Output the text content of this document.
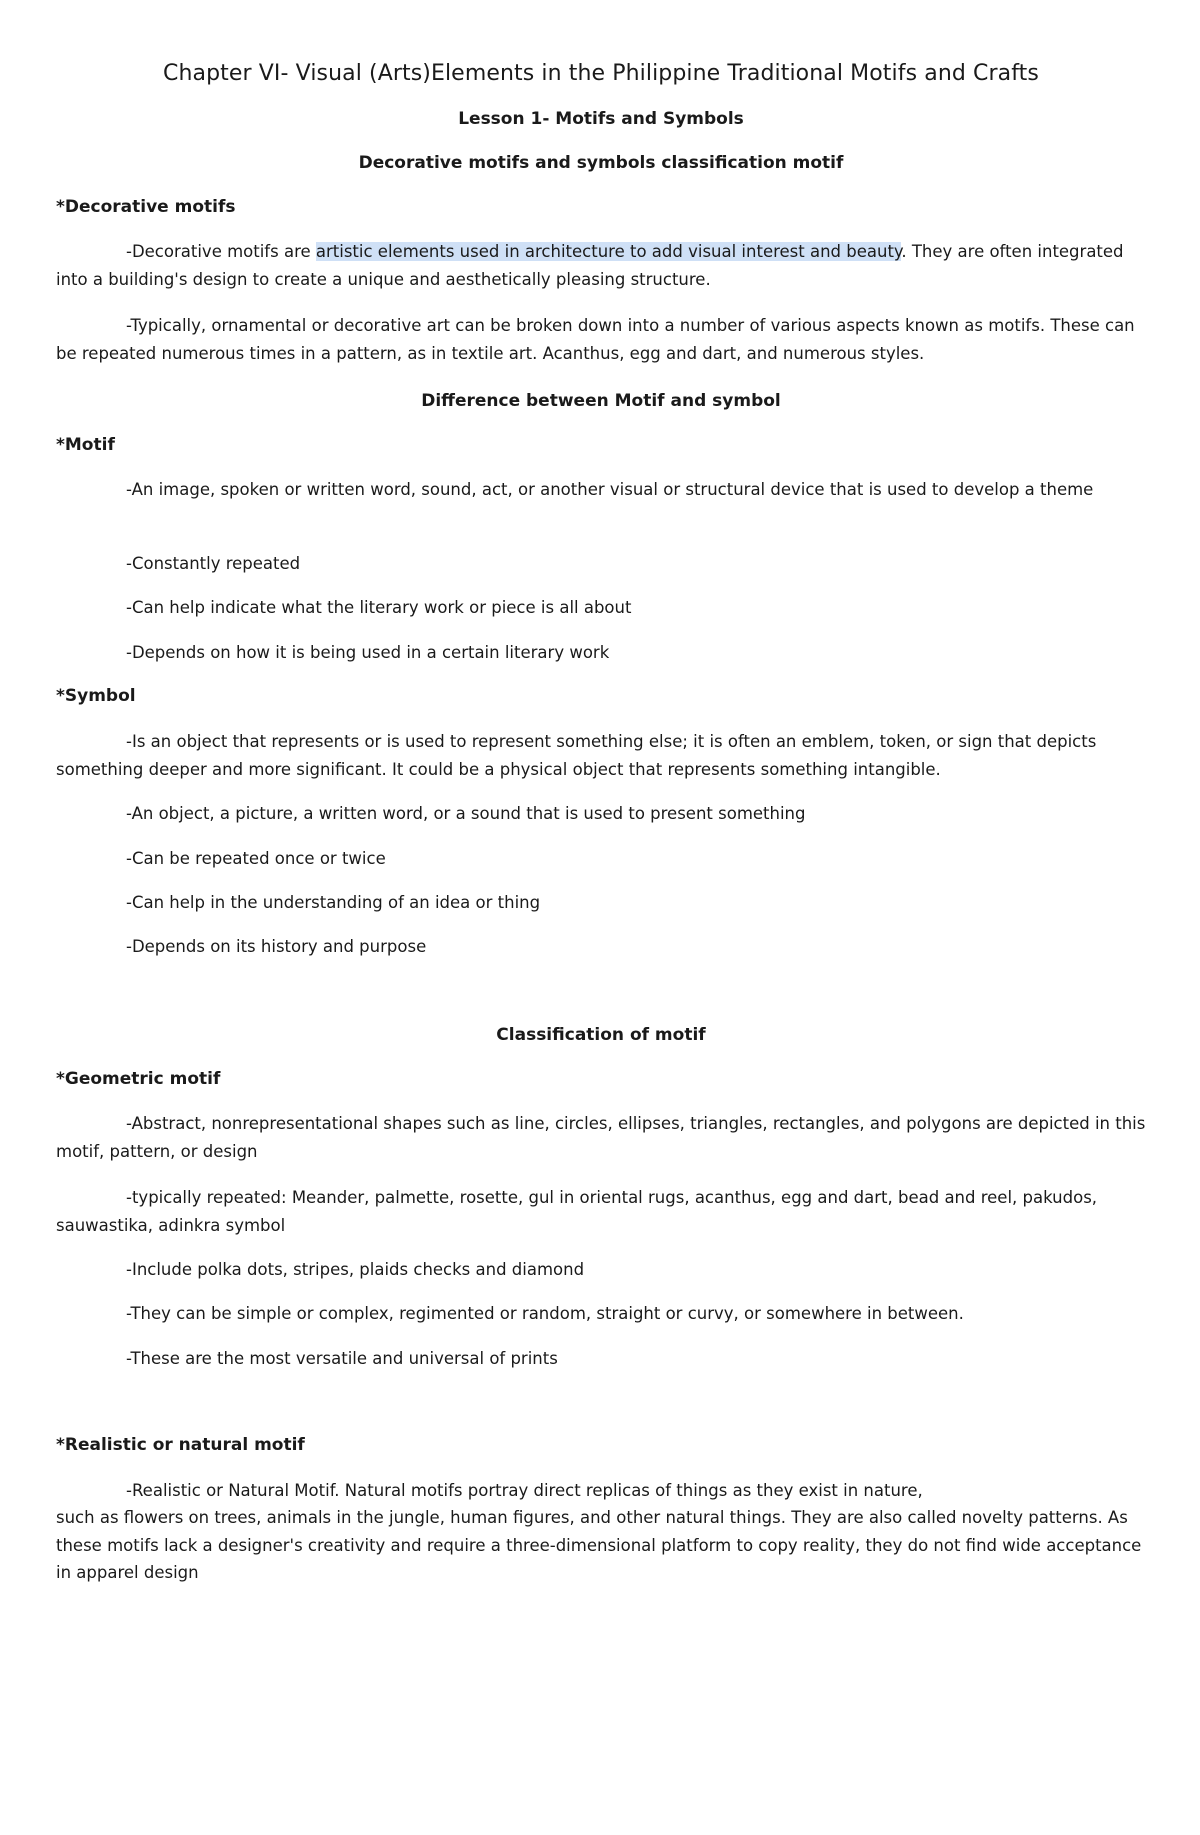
Chapter VI- Visual (Arts)Elements in the Philippine Traditional Motifs and Crafts
Lesson 1- Motifs and Symbols
Decorative motifs and symbols classification motif
*Decorative motifs
-Decorative motifs are artistic elements used in architecture to add visual interest and beauty. They are often integrated into a building's design to create a unique and aesthetically pleasing structure.
-Typically, ornamental or decorative art can be broken down into a number of various aspects known as motifs. These can be repeated numerous times in a pattern, as in textile art. Acanthus, egg and dart, and numerous styles.
Difference between Motif and symbol
*Motif
-An image, spoken or written word, sound, act, or another visual or structural device that is used to develop a theme
-Constantly repeated
-Can help indicate what the literary work or piece is all about
-Depends on how it is being used in a certain literary work
*Symbol
-Is an object that represents or is used to represent something else; it is often an emblem, token, or sign that depicts something deeper and more significant. It could be a physical object that represents something intangible.
-An object, a picture, a written word, or a sound that is used to present something
-Can be repeated once or twice
-Can help in the understanding of an idea or thing
-Depends on its history and purpose
Classification of motif
*Geometric motif
-Abstract, nonrepresentational shapes such as line, circles, ellipses, triangles, rectangles, and polygons are depicted in this motif, pattern, or design
-typically repeated: Meander, palmette, rosette, gul in oriental rugs, acanthus, egg and dart, bead and reel, pakudos, sauwastika, adinkra symbol
-Include polka dots, stripes, plaids checks and diamond
-They can be simple or complex, regimented or random, straight or curvy, or somewhere in between.
-These are the most versatile and universal of prints
*Realistic or natural motif
-Realistic or Natural Motif. Natural motifs portray direct replicas of things as they exist in nature,
such as flowers on trees, animals in the jungle, human figures, and other natural things. They are also called novelty patterns. As these motifs lack a designer's creativity and require a three-dimensional platform to copy reality, they do not find wide acceptance in apparel design
